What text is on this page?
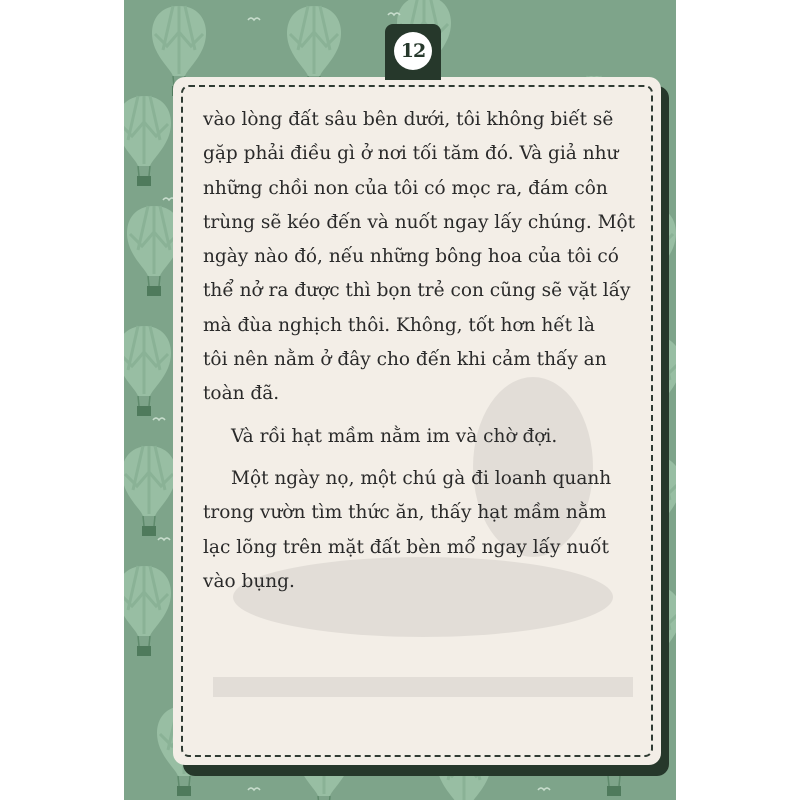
12
vào lòng đất sâu bên dưới, tôi không biết sẽ
gặp phải điều gì ở nơi tối tăm đó. Và giả như
những chồi non của tôi có mọc ra, đám côn
trùng sẽ kéo đến và nuốt ngay lấy chúng. Một
ngày nào đó, nếu những bông hoa của tôi có
thể nở ra được thì bọn trẻ con cũng sẽ vặt lấy
mà đùa nghịch thôi. Không, tốt hơn hết là
tôi nên nằm ở đây cho đến khi cảm thấy an
toàn đã.
Và rồi hạt mầm nằm im và chờ đợi.
Một ngày nọ, một chú gà đi loanh quanh
trong vườn tìm thức ăn, thấy hạt mầm nằm
lạc lõng trên mặt đất bèn mổ ngay lấy nuốt
vào bụng.
